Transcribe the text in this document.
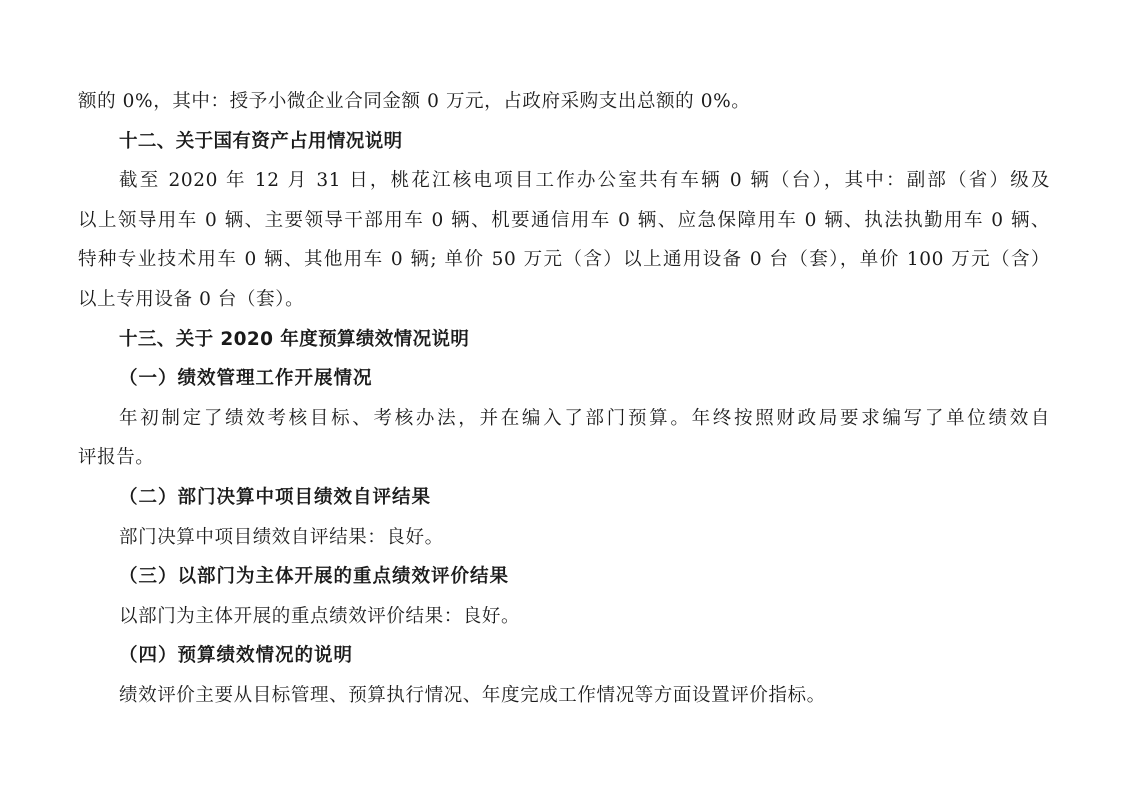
额的 0%，其中：授予小微企业合同金额 0 万元，占政府采购支出总额的 0%。
十二、关于国有资产占用情况说明
截至 2020 年 12 月 31 日，桃花江核电项目工作办公室共有车辆 0 辆（台），其中：副部（省）级及
以上领导用车 0 辆、主要领导干部用车 0 辆、机要通信用车 0 辆、应急保障用车 0 辆、执法执勤用车 0 辆、
特种专业技术用车 0 辆、其他用车 0 辆; 单价 50 万元（含）以上通用设备 0 台（套），单价 100 万元（含）
以上专用设备 0 台（套）。
十三、关于 2020 年度预算绩效情况说明
（一）绩效管理工作开展情况
年初制定了绩效考核目标、考核办法，并在编入了部门预算。年终按照财政局要求编写了单位绩效自
评报告。
（二）部门决算中项目绩效自评结果
部门决算中项目绩效自评结果：良好。
（三）以部门为主体开展的重点绩效评价结果
以部门为主体开展的重点绩效评价结果：良好。
（四）预算绩效情况的说明
绩效评价主要从目标管理、预算执行情况、年度完成工作情况等方面设置评价指标。
